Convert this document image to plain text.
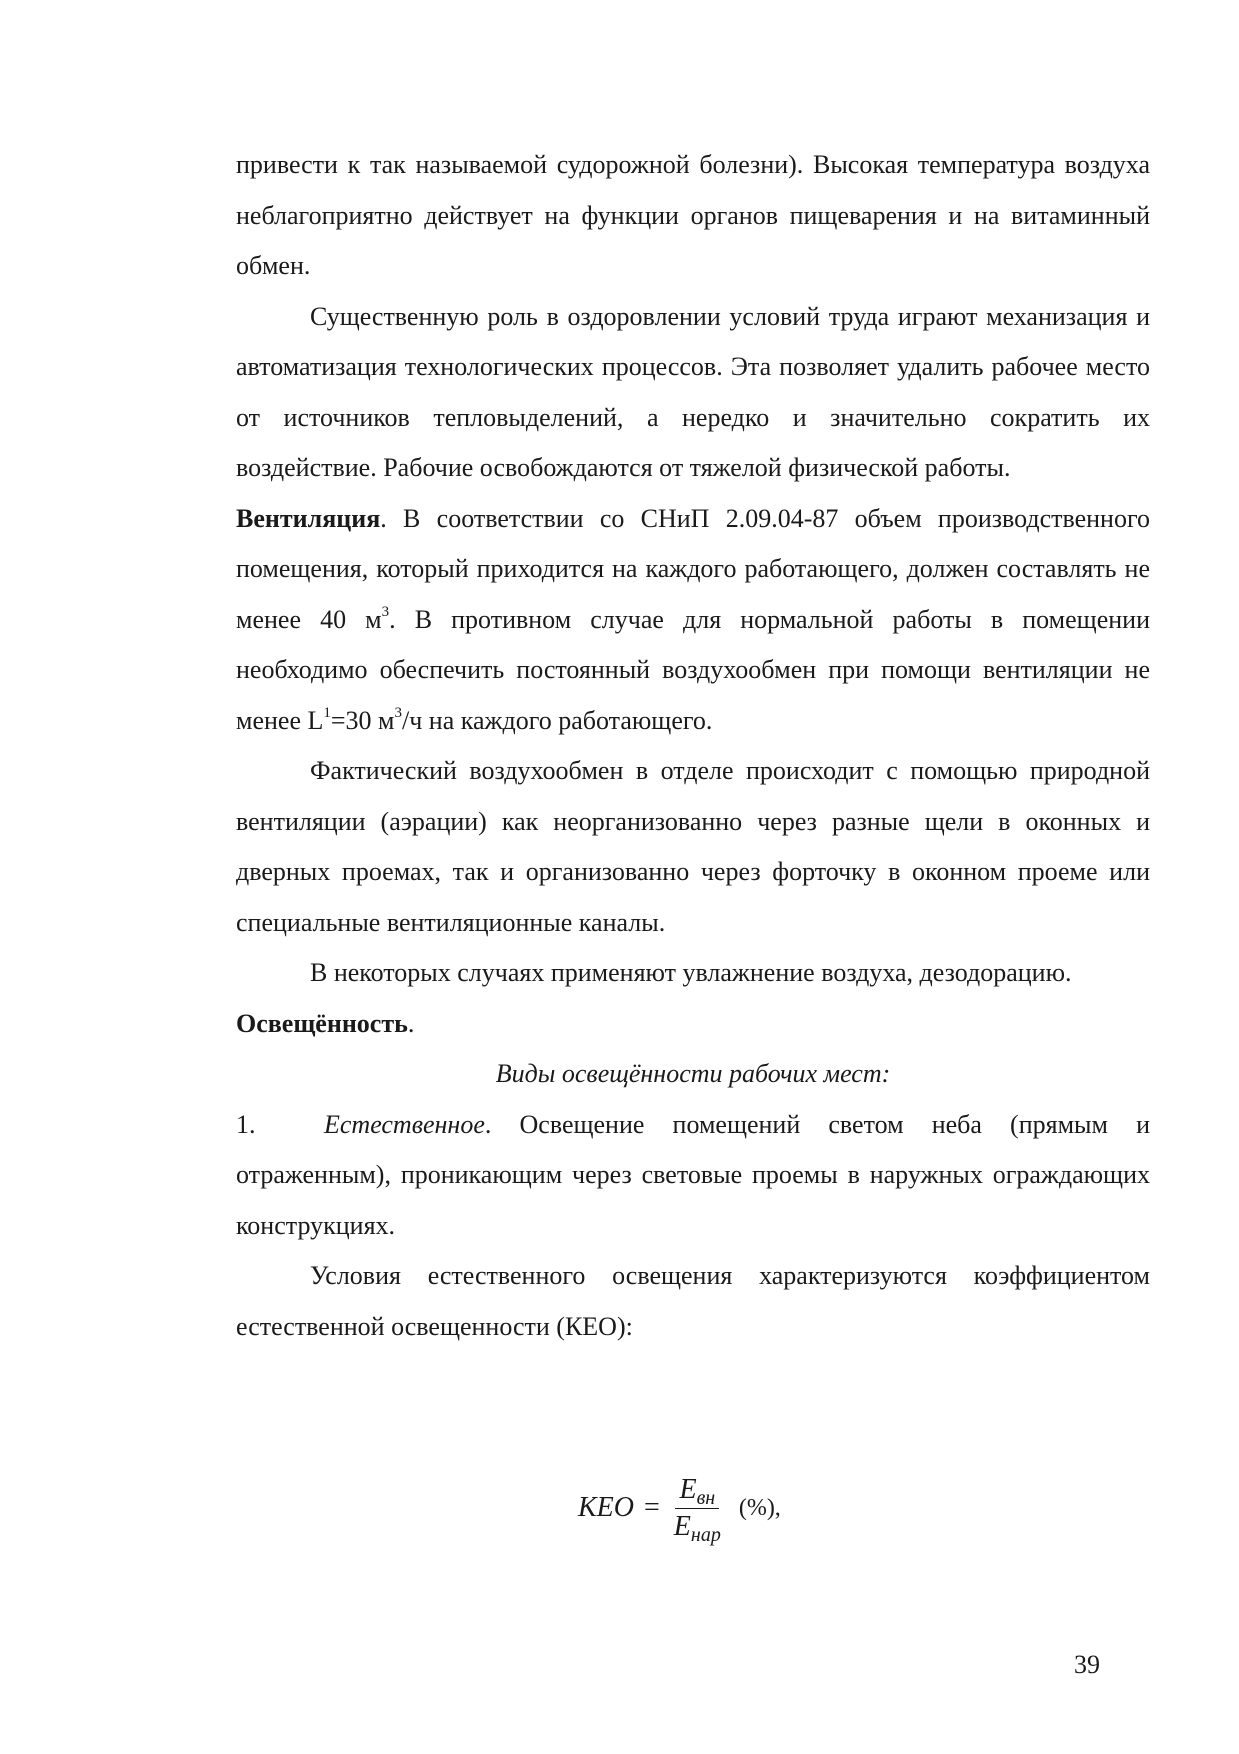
привести к так называемой судорожной болезни). Высокая температура воздуха неблагоприятно действует на функции органов пищеварения и на витаминный обмен.

Существенную роль в оздоровлении условий труда играют механизация и автоматизация технологических процессов. Эта позволяет удалить рабочее место от источников тепловыделений, а нередко и значительно сократить их воздействие. Рабочие освобождаются от тяжелой физической работы.

Вентиляция. В соответствии со СНиП 2.09.04-87 объем производственного помещения, который приходится на каждого работающего, должен составлять не менее 40 $м^3$. В противном случае для нормальной работы в помещении необходимо обеспечить постоянный воздухообмен при помощи вентиляции не менее $L^1=30$ $м^3/ч$ на каждого работающего.

Фактический воздухообмен в отделе происходит с помощью природной вентиляции (аэрации) как неорганизованно через разные щели в оконных и дверных проемах, так и организованно через форточку в оконном проеме или специальные вентиляционные каналы.

В некоторых случаях применяют увлажнение воздуха, дезодорацию.

Освещённость.

Виды освещённости рабочих мест:

1.	Естественное. Освещение помещений светом неба (прямым и отраженным), проникающим через световые проемы в наружных ограждающих конструкциях.

Условия естественного освещения характеризуются коэффициентом естественной освещенности (КЕО):

KEO = $\frac{E_{вн}}{E_{нар}}$ (%),
39
